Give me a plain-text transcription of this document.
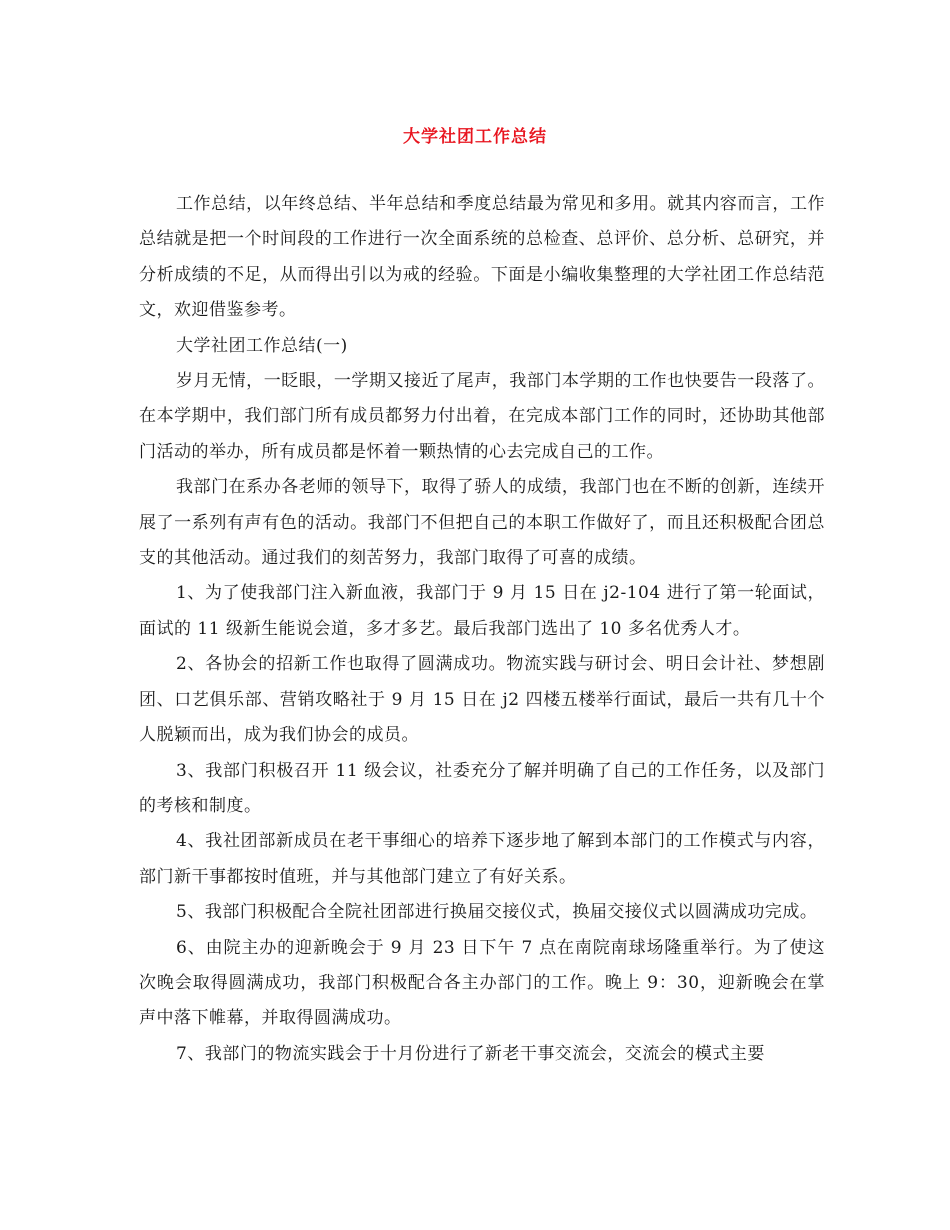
大学社团工作总结

工作总结，以年终总结、半年总结和季度总结最为常见和多用。就其内容而言，工作总结就是把一个时间段的工作进行一次全面系统的总检查、总评价、总分析、总研究，并分析成绩的不足，从而得出引以为戒的经验。下面是小编收集整理的大学社团工作总结范文，欢迎借鉴参考。

大学社团工作总结(一)

岁月无情，一眨眼，一学期又接近了尾声，我部门本学期的工作也快要告一段落了。在本学期中，我们部门所有成员都努力付出着，在完成本部门工作的同时，还协助其他部门活动的举办，所有成员都是怀着一颗热情的心去完成自己的工作。

我部门在系办各老师的领导下，取得了骄人的成绩，我部门也在不断的创新，连续开展了一系列有声有色的活动。我部门不但把自己的本职工作做好了，而且还积极配合团总支的其他活动。通过我们的刻苦努力，我部门取得了可喜的成绩。

1、为了使我部门注入新血液，我部门于 9 月 15 日在 j2-104 进行了第一轮面试，面试的 11 级新生能说会道，多才多艺。最后我部门选出了 10 多名优秀人才。

2、各协会的招新工作也取得了圆满成功。物流实践与研讨会、明日会计社、梦想剧团、口艺俱乐部、营销攻略社于 9 月 15 日在 j2 四楼五楼举行面试，最后一共有几十个人脱颖而出，成为我们协会的成员。

3、我部门积极召开 11 级会议，社委充分了解并明确了自己的工作任务，以及部门的考核和制度。

4、我社团部新成员在老干事细心的培养下逐步地了解到本部门的工作模式与内容，部门新干事都按时值班，并与其他部门建立了有好关系。

5、我部门积极配合全院社团部进行换届交接仪式，换届交接仪式以圆满成功完成。

6、由院主办的迎新晚会于 9 月 23 日下午 7 点在南院南球场隆重举行。为了使这次晚会取得圆满成功，我部门积极配合各主办部门的工作。晚上 9：30，迎新晚会在掌声中落下帷幕，并取得圆满成功。

7、我部门的物流实践会于十月份进行了新老干事交流会，交流会的模式主要
